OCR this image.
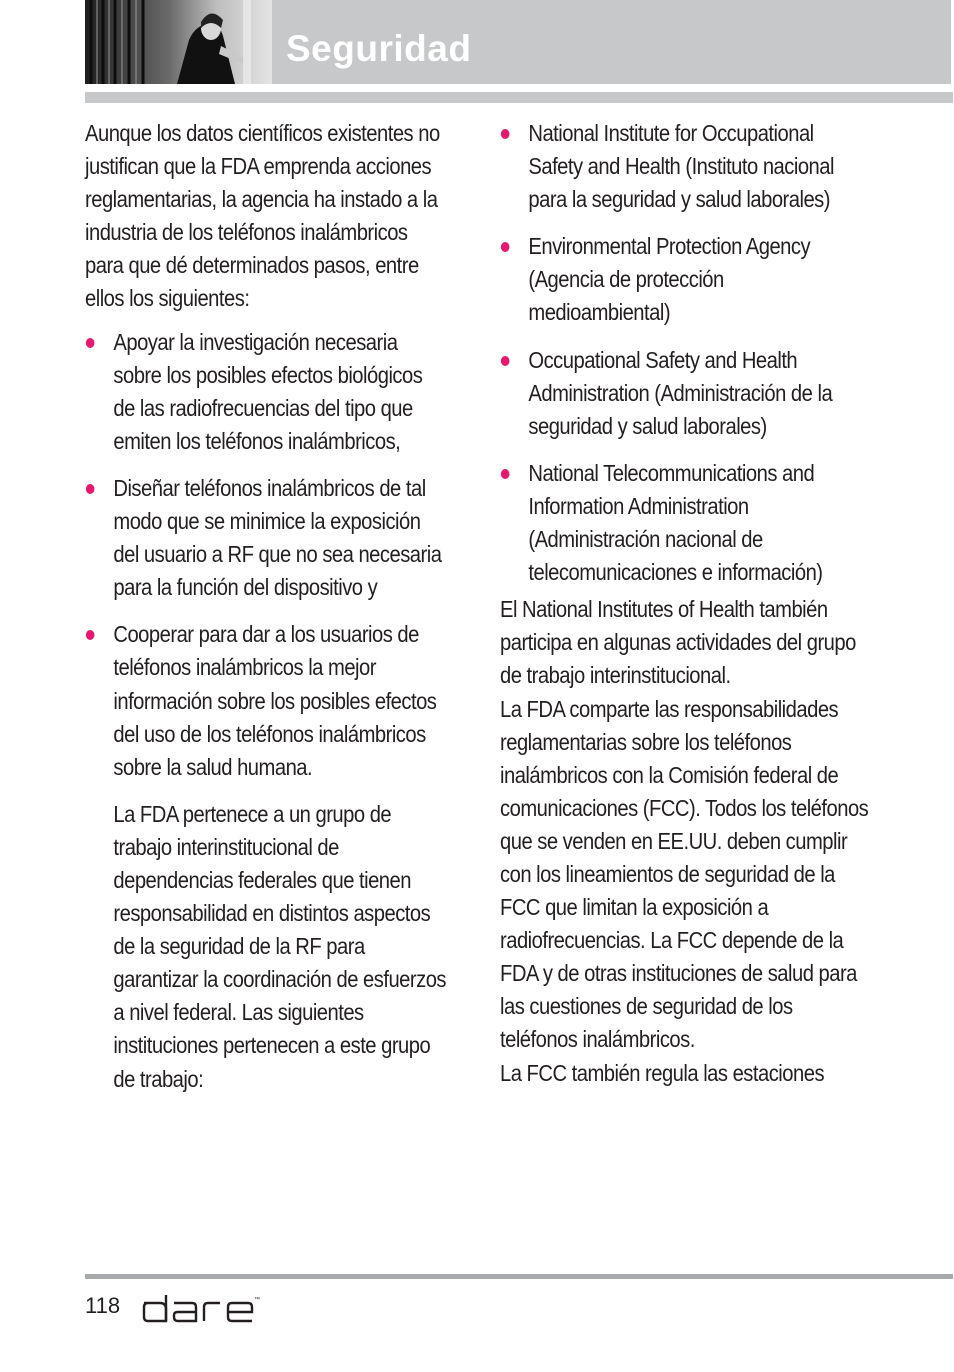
Seguridad

Aunque los datos científicos existentes no justifican que la FDA emprenda acciones reglamentarias, la agencia ha instado a la industria de los teléfonos inalámbricos para que dé determinados pasos, entre ellos los siguientes:

Apoyar la investigación necesaria sobre los posibles efectos biológicos de las radiofrecuencias del tipo que emiten los teléfonos inalámbricos,
Diseñar teléfonos inalámbricos de tal modo que se minimice la exposición del usuario a RF que no sea necesaria para la función del dispositivo y
Cooperar para dar a los usuarios de teléfonos inalámbricos la mejor información sobre los posibles efectos del uso de los teléfonos inalámbricos sobre la salud humana.

La FDA pertenece a un grupo de trabajo interinstitucional de dependencias federales que tienen responsabilidad en distintos aspectos de la seguridad de la RF para garantizar la coordinación de esfuerzos a nivel federal. Las siguientes instituciones pertenecen a este grupo de trabajo:

National Institute for Occupational Safety and Health (Instituto nacional para la seguridad y salud laborales)
Environmental Protection Agency (Agencia de protección medioambiental)
Occupational Safety and Health Administration (Administración de la seguridad y salud laborales)
National Telecommunications and Information Administration (Administración nacional de telecomunicaciones e información)

El National Institutes of Health también participa en algunas actividades del grupo de trabajo interinstitucional.

La FDA comparte las responsabilidades reglamentarias sobre los teléfonos inalámbricos con la Comisión federal de comunicaciones (FCC). Todos los teléfonos que se venden en EE.UU. deben cumplir con los lineamientos de seguridad de la FCC que limitan la exposición a radiofrecuencias. La FCC depende de la FDA y de otras instituciones de salud para las cuestiones de seguridad de los teléfonos inalámbricos.

La FCC también regula las estaciones

118	™
